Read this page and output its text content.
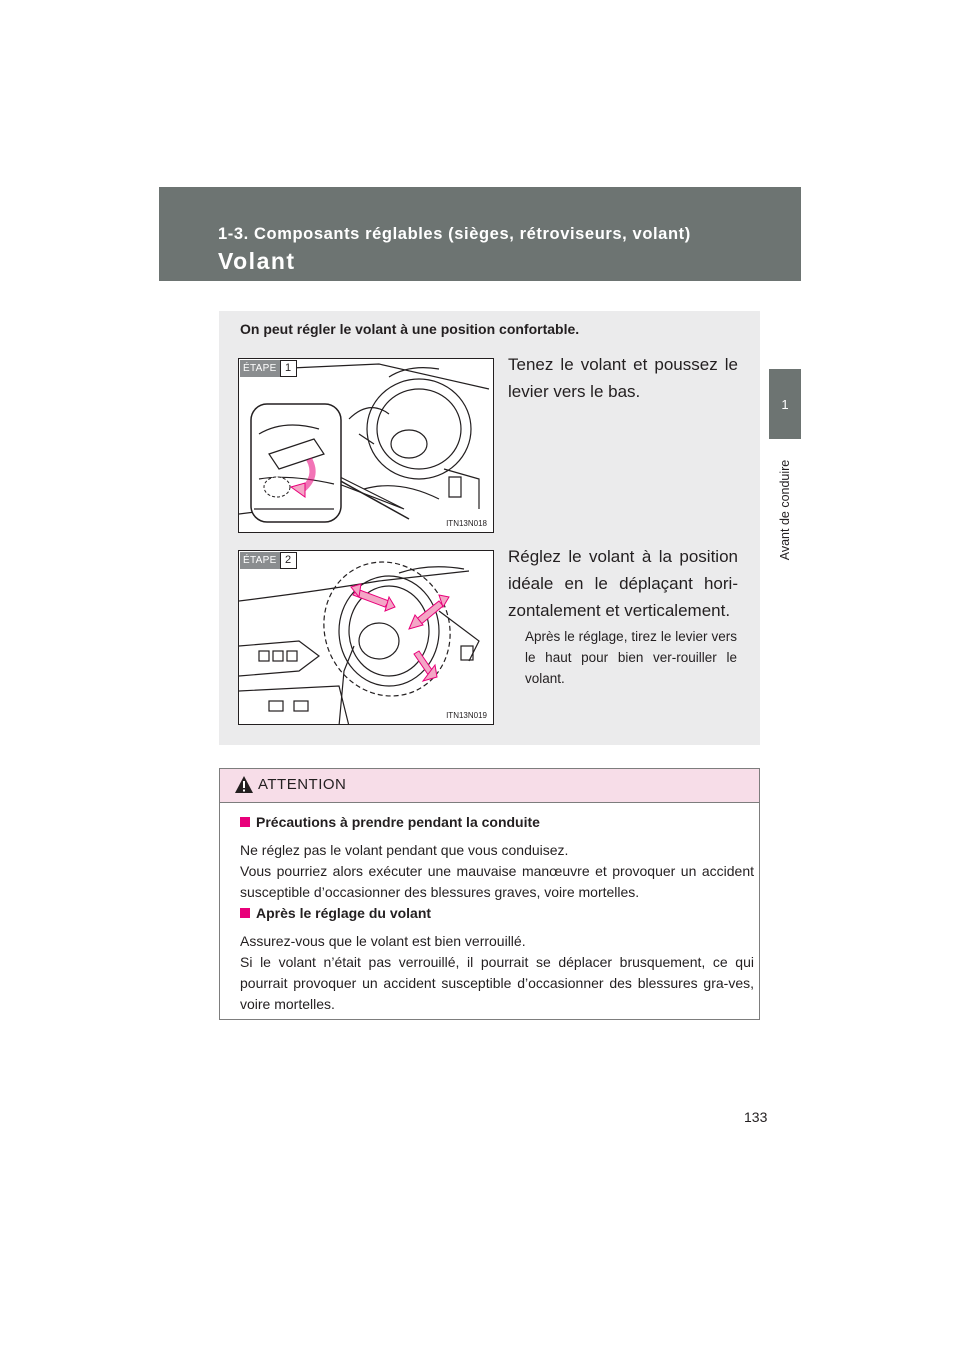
1-3. Composants réglables (sièges, rétroviseurs, volant)
Volant
1
Avant de conduire
On peut régler le volant à une position confortable.
ÉTAPE 1
ITN13N018
Tenez le volant et poussez le levier vers le bas.
ÉTAPE 2
ITN13N019
Réglez le volant à la position idéale en le déplaçant hori-zontalement et verticalement.
Après le réglage, tirez le levier vers le haut pour bien ver-rouiller le volant.
ATTENTION
Précautions à prendre pendant la conduite
Ne réglez pas le volant pendant que vous conduisez.
Vous pourriez alors exécuter une mauvaise manœuvre et provoquer un accident susceptible d’occasionner des blessures graves, voire mortelles.
Après le réglage du volant
Assurez-vous que le volant est bien verrouillé.
Si le volant n’était pas verrouillé, il pourrait se déplacer brusquement, ce qui pourrait provoquer un accident susceptible d’occasionner des blessures gra-ves, voire mortelles.
133
